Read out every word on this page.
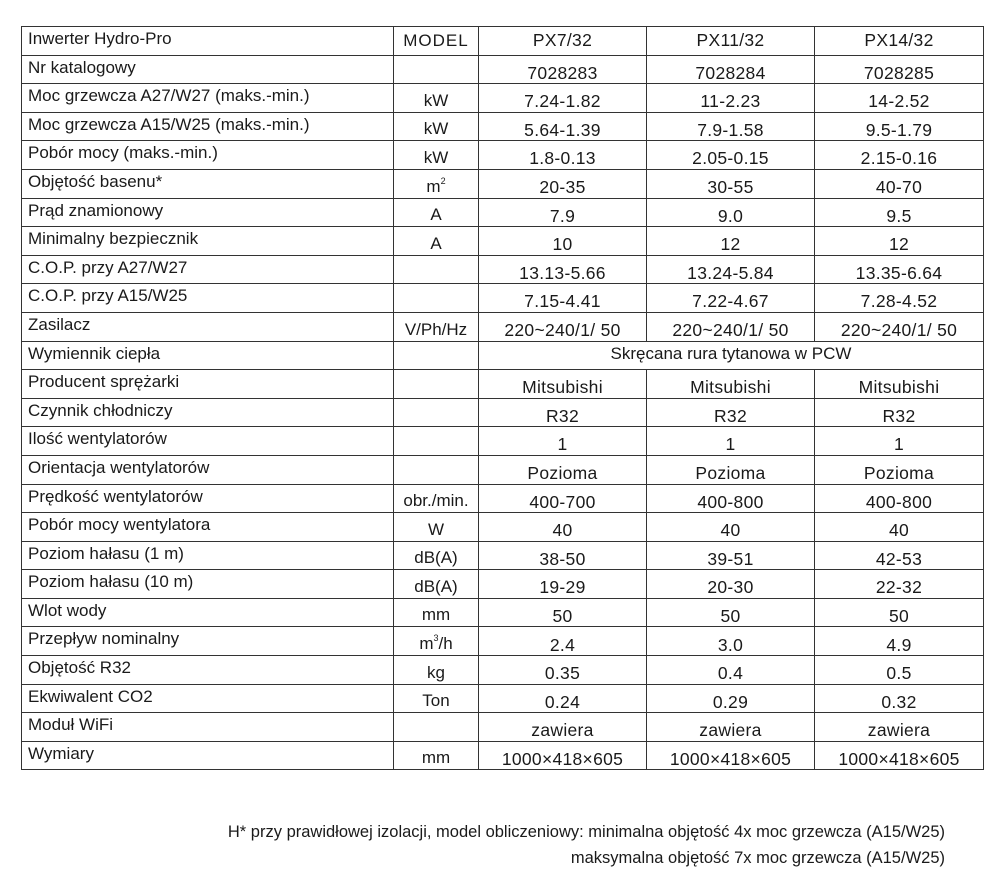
Inwerter Hydro-Pro	MODEL	PX7/32	PX11/32	PX14/32
Nr katalogowy		7028283	7028284	7028285
Moc grzewcza A27/W27 (maks.-min.)	kW	7.24-1.82	11-2.23	14-2.52
Moc grzewcza A15/W25 (maks.-min.)	kW	5.64-1.39	7.9-1.58	9.5-1.79
Pobór mocy (maks.-min.)	kW	1.8-0.13	2.05-0.15	2.15-0.16
Objętość basenu*	$m^2$	20-35	30-55	40-70
Prąd znamionowy	A	7.9	9.0	9.5
Minimalny bezpiecznik	A	10	12	12
C.O.P. przy A27/W27		13.13-5.66	13.24-5.84	13.35-6.64
C.O.P. przy A15/W25		7.15-4.41	7.22-4.67	7.28-4.52
Zasilacz	V/Ph/Hz	220~240/1/ 50	220~240/1/ 50	220~240/1/ 50
Wymiennik ciepła		Skręcana rura tytanowa w PCW		
Producent sprężarki		Mitsubishi	Mitsubishi	Mitsubishi
Czynnik chłodniczy		R32	R32	R32
Ilość wentylatorów		1	1	1
Orientacja wentylatorów		Pozioma	Pozioma	Pozioma
Prędkość wentylatorów	obr./min.	400-700	400-800	400-800
Pobór mocy wentylatora	W	40	40	40
Poziom hałasu (1 m)	dB(A)	38-50	39-51	42-53
Poziom hałasu (10 m)	dB(A)	19-29	20-30	22-32
Wlot wody	mm	50	50	50
Przepływ nominalny	$m^3/h$	2.4	3.0	4.9
Objętość R32	kg	0.35	0.4	0.5
Ekwiwalent CO2	Ton	0.24	0.29	0.32
Moduł WiFi		zawiera	zawiera	zawiera
Wymiary	mm	1000×418×605	1000×418×605	1000×418×605
H* przy prawidłowej izolacji, model obliczeniowy: minimalna objętość 4x moc grzewcza (A15/W25)
maksymalna objętość 7x moc grzewcza (A15/W25)
